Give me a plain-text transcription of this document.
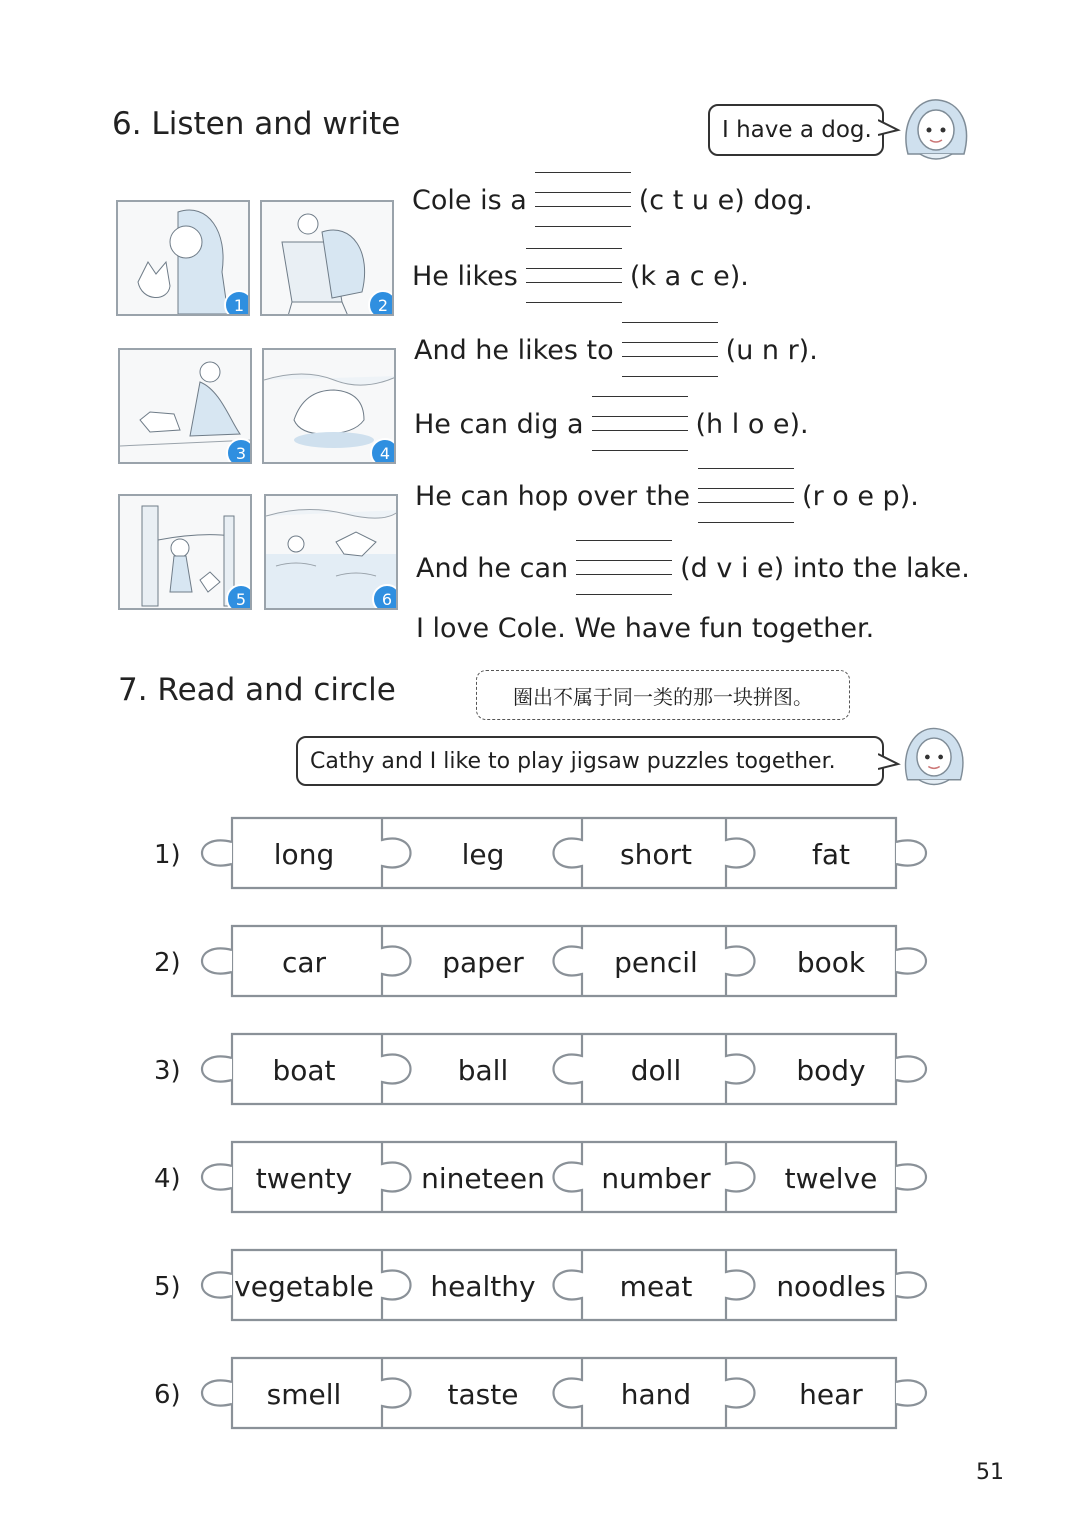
6. Listen and write	I have a dog.
1	2
3	4
5	6
Cole is a	(c t u e) dog.
He likes	(k a c e).
And he likes to	(u n r).
He can dig a	(h l o e).
He can hop over the	(r o e p).
And he can	(d v i e) into the lake.
I love Cole. We have fun together.
7. Read and circle	圈出不属于同一类的那一块拼图。
Cathy and I like to play jigsaw puzzles together.
1)	long	leg	short	fat
2)	car	paper	pencil	book
3)	boat	ball	doll	body
4)	twenty	nineteen	number	twelve
5) vegetable	healthy	meat	noodles
6)	smell	taste	hand	hear
51
